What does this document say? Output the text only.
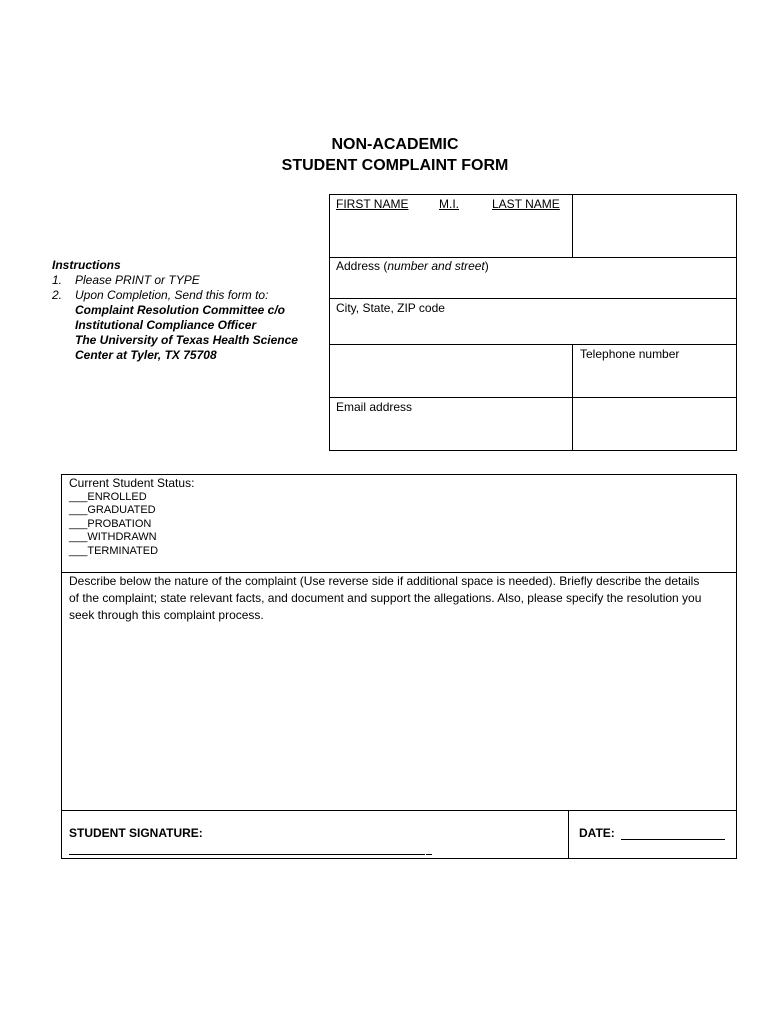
NON-ACADEMIC
STUDENT COMPLAINT FORM
Instructions
1. Please PRINT or TYPE
2. Upon Completion, Send this form to:
Complaint Resolution Committee c/o
Institutional Compliance Officer
The University of Texas Health Science
Center at Tyler, TX 75708
FIRST NAME	M.I.	LAST NAME
Address (number and street)
City, State, ZIP code
Telephone number
Email address
Current Student Status:
___ENROLLED
___GRADUATED
___PROBATION
___WITHDRAWN
___TERMINATED
Describe below the nature of the complaint (Use reverse side if additional space is needed). Briefly describe the details of the complaint; state relevant facts, and document and support the allegations. Also, please specify the resolution you seek through this complaint process.
STUDENT SIGNATURE:	DATE:
